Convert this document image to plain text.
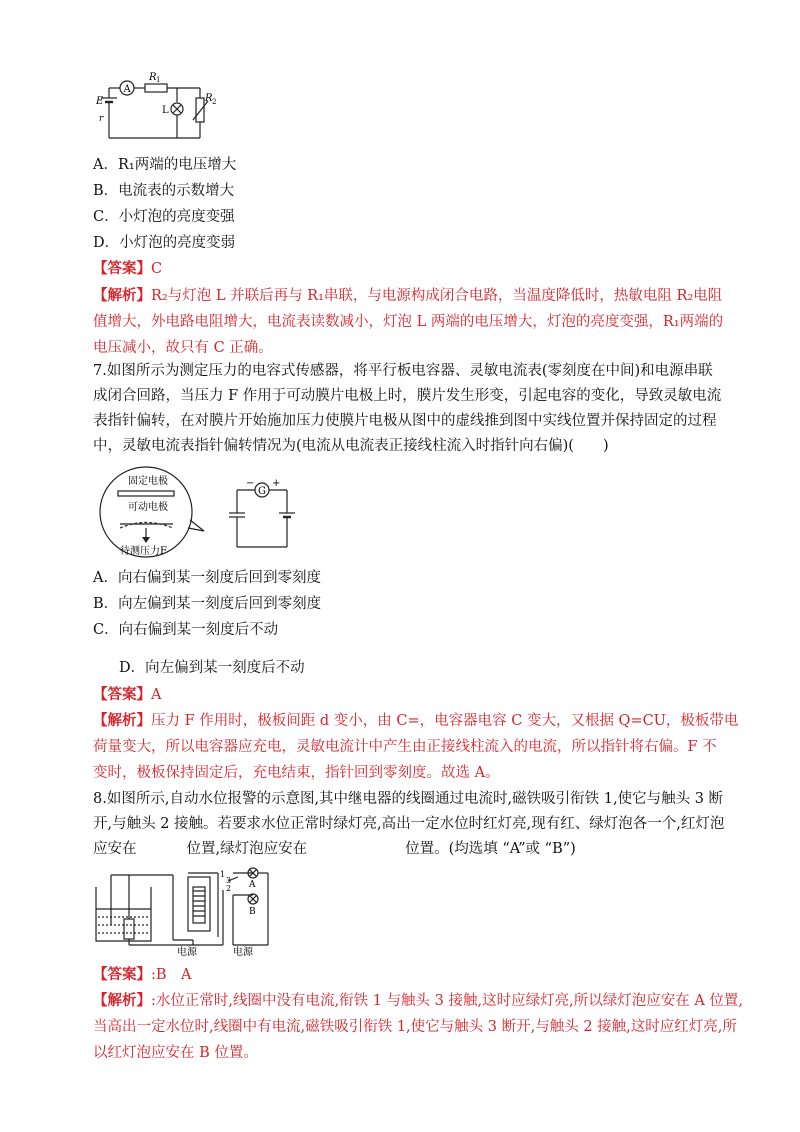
A
R 1
L
R 2
E
r
A．R₁两端的电压增大
B．电流表的示数增大
C．小灯泡的亮度变强
D．小灯泡的亮度变弱
【答案】C
【解析】R₂与灯泡 L 并联后再与 R₁串联，与电源构成闭合电路，当温度降低时，热敏电阻 R₂电阻
值增大，外电路电阻增大，电流表读数减小，灯泡 L 两端的电压增大，灯泡的亮度变强，R₁两端的
电压减小，故只有 C 正确。
7.如图所示为测定压力的电容式传感器，将平行板电容器、灵敏电流表(零刻度在中间)和电源串联
成闭合回路，当压力 F 作用于可动膜片电极上时，膜片发生形变，引起电容的变化，导致灵敏电流
表指针偏转，在对膜片开始施加压力使膜片电极从图中的虚线推到图中实线位置并保持固定的过程
中，灵敏电流表指针偏转情况为(电流从电流表正接线柱流入时指针向右偏)(　　)
固定电极
可动电极
待测压力F
G
− +
A．向右偏到某一刻度后回到零刻度
B．向左偏到某一刻度后回到零刻度
C．向右偏到某一刻度后不动
D．向左偏到某一刻度后不动
【答案】A
【解析】压力 F 作用时，极板间距 d 变小，由 C=，电容器电容 C 变大，又根据 Q=CU，极板带电
荷量变大，所以电容器应充电，灵敏电流计中产生由正接线柱流入的电流，所以指针将右偏。F 不
变时，极板保持固定后，充电结束，指针回到零刻度。故选 A。
8.如图所示,自动水位报警的示意图,其中继电器的线圈通过电流时,磁铁吸引衔铁 1,使它与触头 3 断
开,与触头 2 接触。若要求水位正常时绿灯亮,高出一定水位时红灯亮,现有红、绿灯泡各一个,红灯泡
应安在	位置,绿灯泡应安在	位置。(均选填 “A”或 “B”)
电源	电源
A
B
1
2
3
【答案】:B　A
【解析】:水位正常时,线圈中没有电流,衔铁 1 与触头 3 接触,这时应绿灯亮,所以绿灯泡应安在 A 位置,
当高出一定水位时,线圈中有电流,磁铁吸引衔铁 1,使它与触头 3 断开,与触头 2 接触,这时应红灯亮,所
以红灯泡应安在 B 位置。
